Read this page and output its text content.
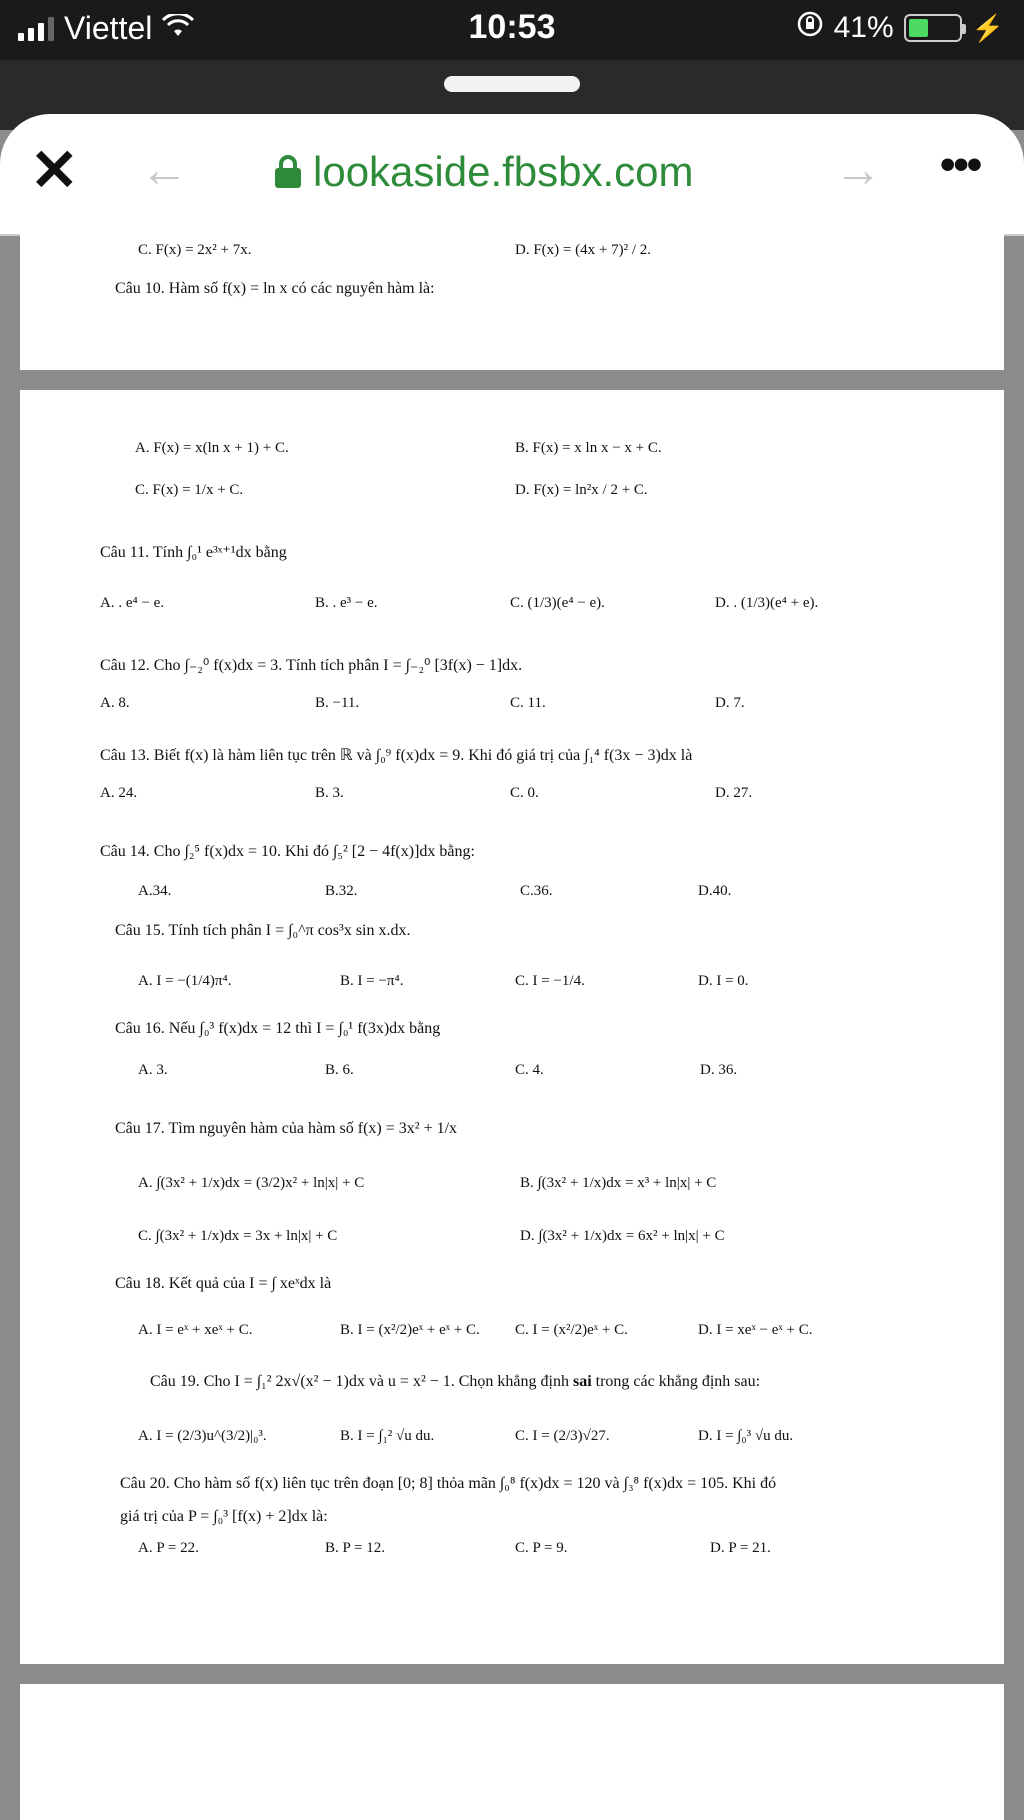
Viettel	10:53	41%	⚡
✕ ←	lookaside.fbsbx.com	→ •••
C. F(x) = 2x² + 7x.	D. F(x) = (4x + 7)² / 2.
Câu 10. Hàm số f(x) = ln x có các nguyên hàm là:
A. F(x) = x(ln x + 1) + C.	B. F(x) = x ln x − x + C.
C. F(x) = 1/x + C.	D. F(x) = ln²x / 2 + C.
Câu 11. Tính ∫₀¹ e³ˣ⁺¹dx bằng
A. . e⁴ − e.	B. . e³ − e.	C. (1/3)(e⁴ − e).	D. . (1/3)(e⁴ + e).
Câu 12. Cho ∫₋₂⁰ f(x)dx = 3. Tính tích phân I = ∫₋₂⁰ [3f(x) − 1]dx.
A. 8.	B. −11.	C. 11.	D. 7.
Câu 13. Biết f(x) là hàm liên tục trên ℝ và ∫₀⁹ f(x)dx = 9. Khi đó giá trị của ∫₁⁴ f(3x − 3)dx là
A. 24.	B. 3.	C. 0.	D. 27.
Câu 14. Cho ∫₂⁵ f(x)dx = 10. Khi đó ∫₅² [2 − 4f(x)]dx bằng:
A.34.	B.32.	C.36.	D.40.
Câu 15. Tính tích phân I = ∫₀^π cos³x sin x.dx.
A. I = −(1/4)π⁴.	B. I = −π⁴.	C. I = −1/4.	D. I = 0.
Câu 16. Nếu ∫₀³ f(x)dx = 12 thì I = ∫₀¹ f(3x)dx bằng
A. 3.	B. 6.	C. 4.	D. 36.
Câu 17. Tìm nguyên hàm của hàm số f(x) = 3x² + 1/x
A. ∫(3x² + 1/x)dx = (3/2)x² + ln|x| + C	B. ∫(3x² + 1/x)dx = x³ + ln|x| + C
C. ∫(3x² + 1/x)dx = 3x + ln|x| + C	D. ∫(3x² + 1/x)dx = 6x² + ln|x| + C
Câu 18. Kết quả của I = ∫ xeˣdx là
A. I = eˣ + xeˣ + C.	B. I = (x²/2)eˣ + eˣ + C. C. I = (x²/2)eˣ + C.	D. I = xeˣ − eˣ + C.
Câu 19. Cho I = ∫₁² 2x√(x² − 1)dx và u = x² − 1. Chọn khẳng định sai trong các khẳng định sau:
A. I = (2/3)u^(3/2)|₀³.	B. I = ∫₁² √u du.	C. I = (2/3)√27.	D. I = ∫₀³ √u du.
Câu 20. Cho hàm số f(x) liên tục trên đoạn [0; 8] thỏa mãn ∫₀⁸ f(x)dx = 120 và ∫₃⁸ f(x)dx = 105. Khi đó
giá trị của P = ∫₀³ [f(x) + 2]dx là:
A. P = 22.	B. P = 12.	C. P = 9.	D. P = 21.
